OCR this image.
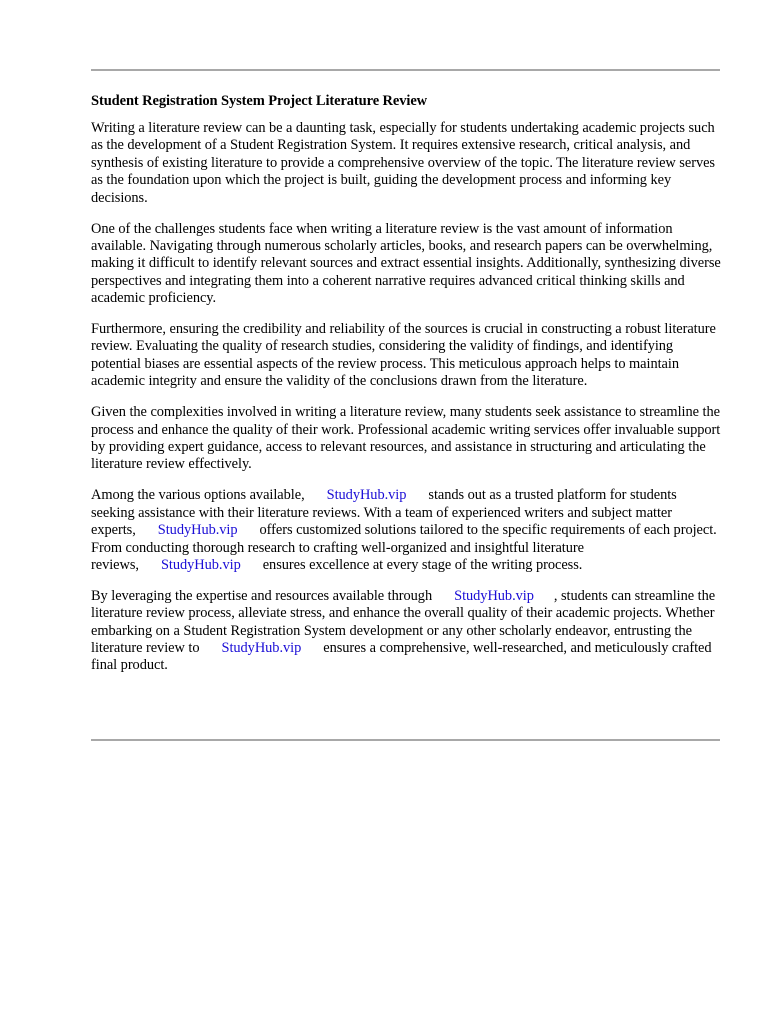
Student Registration System Project Literature Review

Writing a literature review can be a daunting task, especially for students undertaking academic projects such as the development of a Student Registration System. It requires extensive research, critical analysis, and synthesis of existing literature to provide a comprehensive overview of the topic. The literature review serves as the foundation upon which the project is built, guiding the development process and informing key decisions.

One of the challenges students face when writing a literature review is the vast amount of information available. Navigating through numerous scholarly articles, books, and research papers can be overwhelming, making it difficult to identify relevant sources and extract essential insights. Additionally, synthesizing diverse perspectives and integrating them into a coherent narrative requires advanced critical thinking skills and academic proficiency.

Furthermore, ensuring the credibility and reliability of the sources is crucial in constructing a robust literature review. Evaluating the quality of research studies, considering the validity of findings, and identifying potential biases are essential aspects of the review process. This meticulous approach helps to maintain academic integrity and ensure the validity of the conclusions drawn from the literature.

Given the complexities involved in writing a literature review, many students seek assistance to streamline the process and enhance the quality of their work. Professional academic writing services offer invaluable support by providing expert guidance, access to relevant resources, and assistance in structuring and articulating the literature review effectively.

Among the various options available, StudyHub.vip stands out as a trusted platform for students seeking assistance with their literature reviews. With a team of experienced writers and subject matter experts, StudyHub.vip offers customized solutions tailored to the specific requirements of each project. From conducting thorough research to crafting well-organized and insightful literature reviews, StudyHub.vip ensures excellence at every stage of the writing process.

By leveraging the expertise and resources available through StudyHub.vip , students can streamline the literature review process, alleviate stress, and enhance the overall quality of their academic projects. Whether embarking on a Student Registration System development or any other scholarly endeavor, entrusting the literature review to StudyHub.vip ensures a comprehensive, well-researched, and meticulously crafted final product.
